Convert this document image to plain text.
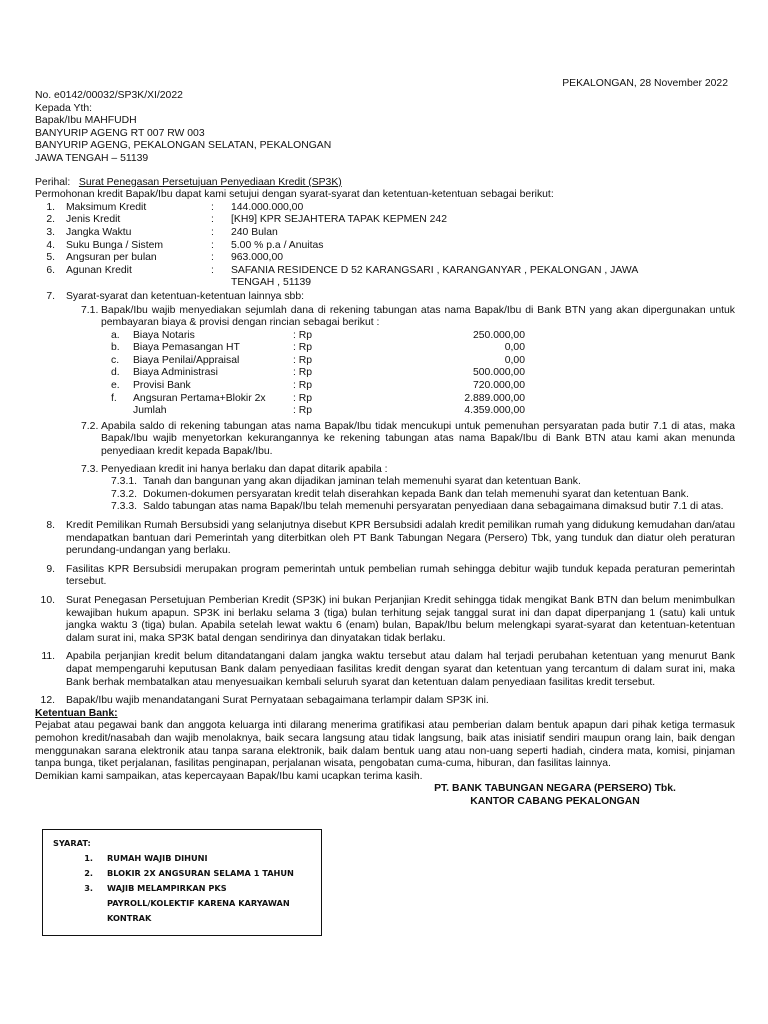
PEKALONGAN, 28 November 2022
No. e0142/00032/SP3K/XI/2022
Kepada Yth:
Bapak/Ibu MAHFUDH
BANYURIP AGENG RT 007 RW 003
BANYURIP AGENG, PEKALONGAN SELATAN, PEKALONGAN
JAWA TENGAH – 51139
Perihal: Surat Penegasan Persetujuan Penyediaan Kredit (SP3K)
Permohonan kredit Bapak/Ibu dapat kami setujui dengan syarat-syarat dan ketentuan-ketentuan sebagai berikut:
1. Maksimum Kredit	:	144.000.000,00
2. Jenis Kredit	:	[KH9] KPR SEJAHTERA TAPAK KEPMEN 242
3. Jangka Waktu	:	240 Bulan
4. Suku Bunga / Sistem	:	5.00 % p.a / Anuitas
5. Angsuran per bulan	:	963.000,00
6. Agunan Kredit	:	SAFANIA RESIDENCE D 52 KARANGSARI , KARANGANYAR , PEKALONGAN , JAWA TENGAH , 51139
7. Syarat-syarat dan ketentuan-ketentuan lainnya sbb:
7.1. Bapak/Ibu wajib menyediakan sejumlah dana di rekening tabungan atas nama Bapak/Ibu di Bank BTN yang akan dipergunakan untuk pembayaran biaya & provisi dengan rincian sebagai berikut :
a.	Biaya Notaris	: Rp	250.000,00
b.	Biaya Pemasangan HT	: Rp	0,00
c.	Biaya Penilai/Appraisal	: Rp	0,00
d.	Biaya Administrasi	: Rp	500.000,00
e.	Provisi Bank	: Rp	720.000,00
f.	Angsuran Pertama+Blokir 2x	: Rp	2.889.000,00
Jumlah	: Rp	4.359.000,00
7.2. Apabila saldo di rekening tabungan atas nama Bapak/Ibu tidak mencukupi untuk pemenuhan persyaratan pada butir 7.1 di atas, maka Bapak/Ibu wajib menyetorkan kekurangannya ke rekening tabungan atas nama Bapak/Ibu di Bank BTN atau kami akan menunda penyediaan kredit kepada Bapak/Ibu.
7.3. Penyediaan kredit ini hanya berlaku dan dapat ditarik apabila :
7.3.1. Tanah dan bangunan yang akan dijadikan jaminan telah memenuhi syarat dan ketentuan Bank.
7.3.2. Dokumen-dokumen persyaratan kredit telah diserahkan kepada Bank dan telah memenuhi syarat dan ketentuan Bank.
7.3.3. Saldo tabungan atas nama Bapak/Ibu telah memenuhi persyaratan penyediaan dana sebagaimana dimaksud butir 7.1 di atas.
8. Kredit Pemilikan Rumah Bersubsidi yang selanjutnya disebut KPR Bersubsidi adalah kredit pemilikan rumah yang didukung kemudahan dan/atau mendapatkan bantuan dari Pemerintah yang diterbitkan oleh PT Bank Tabungan Negara (Persero) Tbk, yang tunduk dan diatur oleh peraturan perundang-undangan yang berlaku.
9. Fasilitas KPR Bersubsidi merupakan program pemerintah untuk pembelian rumah sehingga debitur wajib tunduk kepada peraturan pemerintah tersebut.
10. Surat Penegasan Persetujuan Pemberian Kredit (SP3K) ini bukan Perjanjian Kredit sehingga tidak mengikat Bank BTN dan belum menimbulkan kewajiban hukum apapun. SP3K ini berlaku selama 3 (tiga) bulan terhitung sejak tanggal surat ini dan dapat diperpanjang 1 (satu) kali untuk jangka waktu 3 (tiga) bulan. Apabila setelah lewat waktu 6 (enam) bulan, Bapak/Ibu belum melengkapi syarat-syarat dan ketentuan-ketentuan dalam surat ini, maka SP3K batal dengan sendirinya dan dinyatakan tidak berlaku.
11. Apabila perjanjian kredit belum ditandatangani dalam jangka waktu tersebut atau dalam hal terjadi perubahan ketentuan yang menurut Bank dapat mempengaruhi keputusan Bank dalam penyediaan fasilitas kredit dengan syarat dan ketentuan yang tercantum di dalam surat ini, maka Bank berhak membatalkan atau menyesuaikan kembali seluruh syarat dan ketentuan dalam penyediaan fasilitas kredit tersebut.
12. Bapak/Ibu wajib menandatangani Surat Pernyataan sebagaimana terlampir dalam SP3K ini.
Ketentuan Bank:
Pejabat atau pegawai bank dan anggota keluarga inti dilarang menerima gratifikasi atau pemberian dalam bentuk apapun dari pihak ketiga termasuk pemohon kredit/nasabah dan wajib menolaknya, baik secara langsung atau tidak langsung, baik atas inisiatif sendiri maupun orang lain, baik dengan menggunakan sarana elektronik atau tanpa sarana elektronik, baik dalam bentuk uang atau non-uang seperti hadiah, cindera mata, komisi, pinjaman tanpa bunga, tiket perjalanan, fasilitas penginapan, perjalanan wisata, pengobatan cuma-cuma, hiburan, dan fasilitas lainnya.
Demikian kami sampaikan, atas kepercayaan Bapak/Ibu kami ucapkan terima kasih.
PT. BANK TABUNGAN NEGARA (PERSERO) Tbk.
KANTOR CABANG PEKALONGAN
SYARAT:
1.	RUMAH WAJIB DIHUNI
2.	BLOKIR 2X ANGSURAN SELAMA 1 TAHUN
3.	WAJIB MELAMPIRKAN PKS PAYROLL/KOLEKTIF KARENA KARYAWAN KONTRAK
